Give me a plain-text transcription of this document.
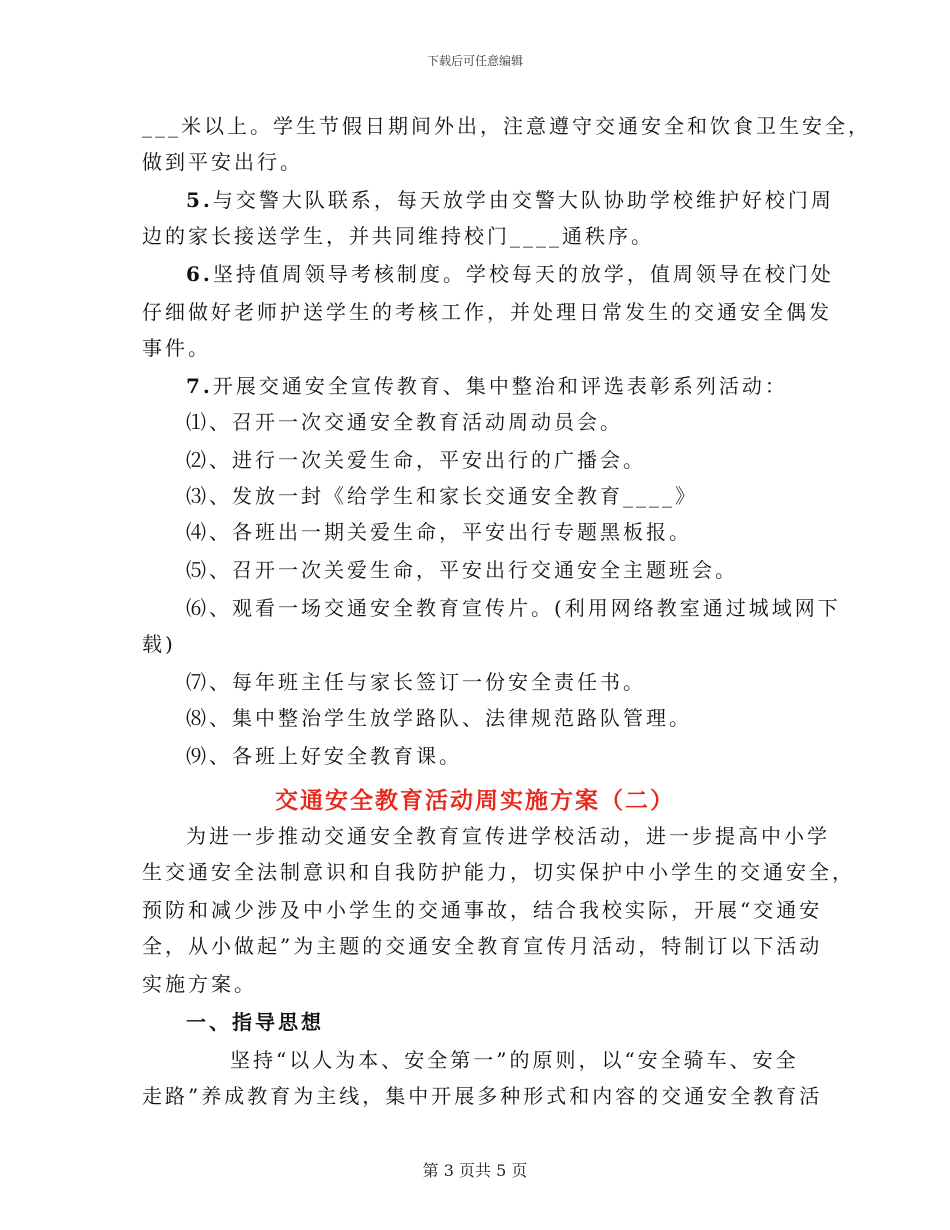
下载后可任意编辑
___米以上。学生节假日期间外出，注意遵守交通安全和饮食卫生安全，
做到平安出行。
5.与交警大队联系，每天放学由交警大队协助学校维护好校门周
边的家长接送学生，并共同维持校门____通秩序。
6.坚持值周领导考核制度。学校每天的放学，值周领导在校门处
仔细做好老师护送学生的考核工作，并处理日常发生的交通安全偶发
事件。
7.开展交通安全宣传教育、集中整治和评选表彰系列活动：
⑴、召开一次交通安全教育活动周动员会。
⑵、进行一次关爱生命，平安出行的广播会。
⑶、发放一封《给学生和家长交通安全教育____》
⑷、各班出一期关爱生命，平安出行专题黑板报。
⑸、召开一次关爱生命，平安出行交通安全主题班会。
⑹、观看一场交通安全教育宣传片。(利用网络教室通过城域网下
载)
⑺、每年班主任与家长签订一份安全责任书。
⑻、集中整治学生放学路队、法律规范路队管理。
⑼、各班上好安全教育课。
交通安全教育活动周实施方案（二）
为进一步推动交通安全教育宣传进学校活动，进一步提高中小学
生交通安全法制意识和自我防护能力，切实保护中小学生的交通安全，
预防和减少涉及中小学生的交通事故，结合我校实际，开展“交通安
全，从小做起”为主题的交通安全教育宣传月活动，特制订以下活动
实施方案。
一、指导思想
坚持“以人为本、安全第一”的原则，以“安全骑车、安全
走路”养成教育为主线，集中开展多种形式和内容的交通安全教育活
第 3 页共 5 页
